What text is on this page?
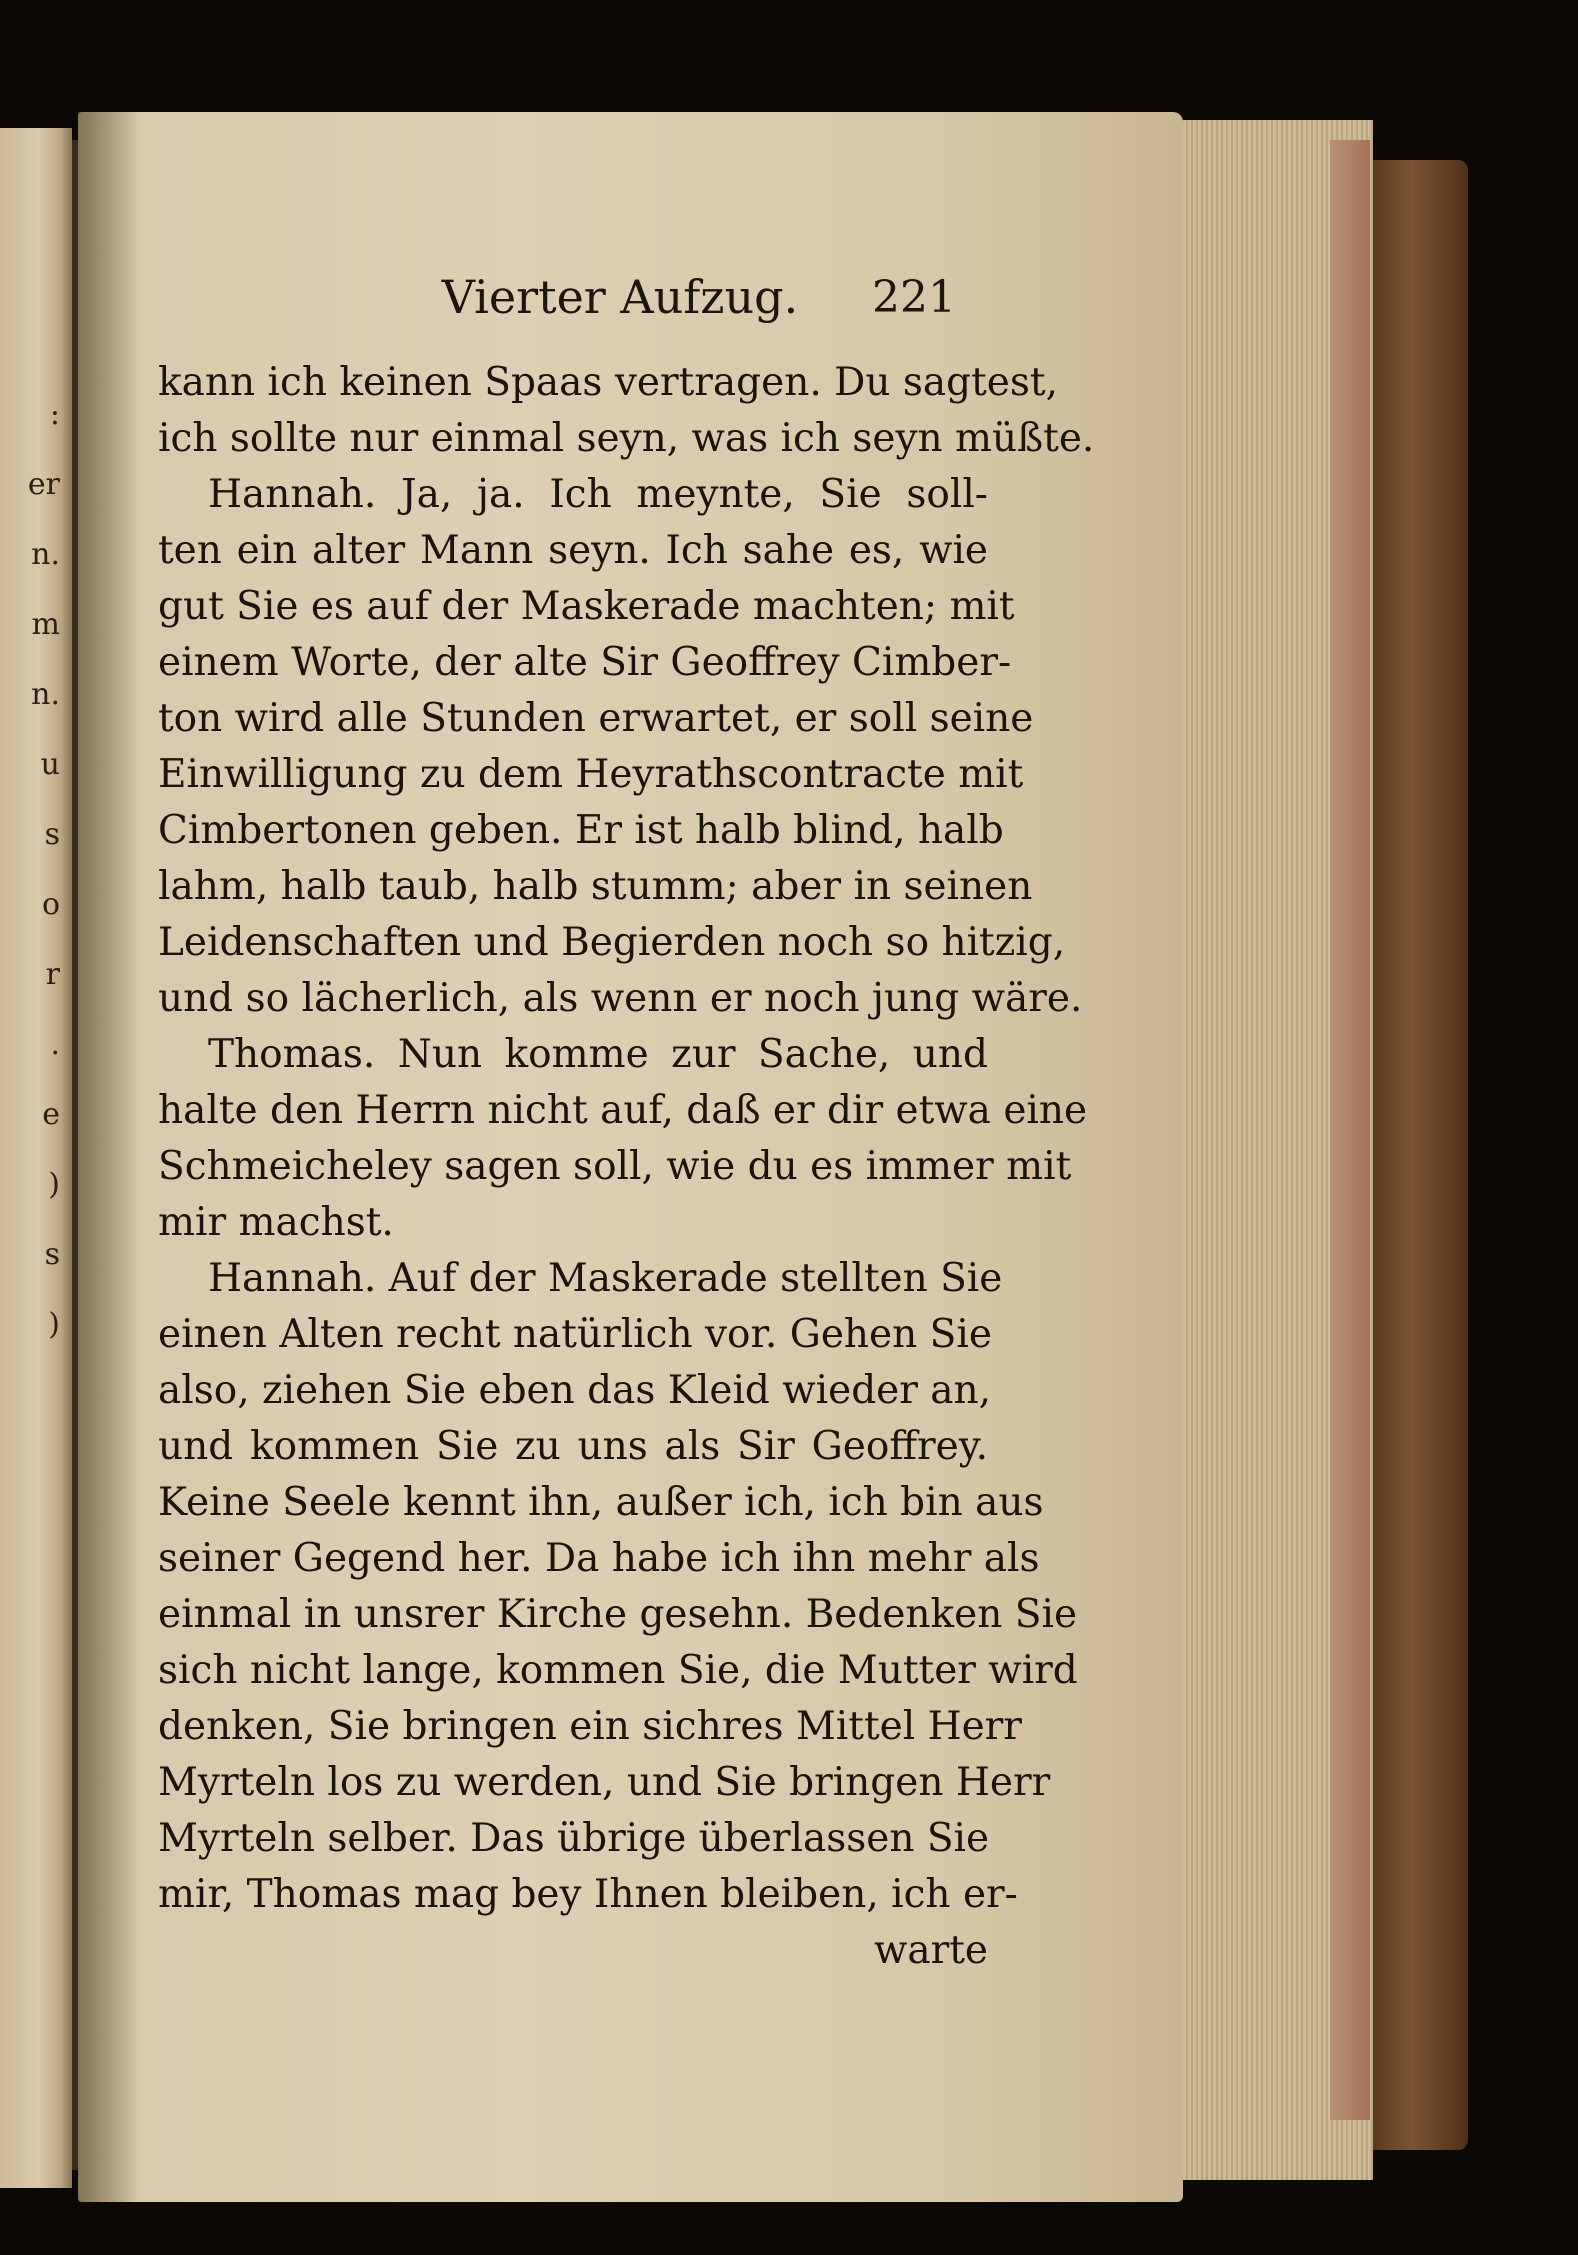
:
er
n.
m
n.
u
s
o
r
.
e
)
s
)
Vierter Aufzug.	221
kann ich keinen Spaas vertragen. Du sagtest,
ich sollte nur einmal seyn, was ich seyn müßte.
Hannah. Ja, ja. Ich meynte, Sie soll-
ten ein alter Mann seyn. Ich sahe es, wie
gut Sie es auf der Maskerade machten; mit
einem Worte, der alte Sir Geoffrey Cimber-
ton wird alle Stunden erwartet, er soll seine
Einwilligung zu dem Heyrathscontracte mit
Cimbertonen geben. Er ist halb blind, halb
lahm, halb taub, halb stumm; aber in seinen
Leidenschaften und Begierden noch so hitzig,
und so lächerlich, als wenn er noch jung wäre.
Thomas. Nun komme zur Sache, und
halte den Herrn nicht auf, daß er dir etwa eine
Schmeicheley sagen soll, wie du es immer mit
mir machst.
Hannah. Auf der Maskerade stellten Sie
einen Alten recht natürlich vor. Gehen Sie
also, ziehen Sie eben das Kleid wieder an,
und kommen Sie zu uns als Sir Geoffrey.
Keine Seele kennt ihn, außer ich, ich bin aus
seiner Gegend her. Da habe ich ihn mehr als
einmal in unsrer Kirche gesehn. Bedenken Sie
sich nicht lange, kommen Sie, die Mutter wird
denken, Sie bringen ein sichres Mittel Herr
Myrteln los zu werden, und Sie bringen Herr
Myrteln selber. Das übrige überlassen Sie
mir, Thomas mag bey Ihnen bleiben, ich er-
warte
